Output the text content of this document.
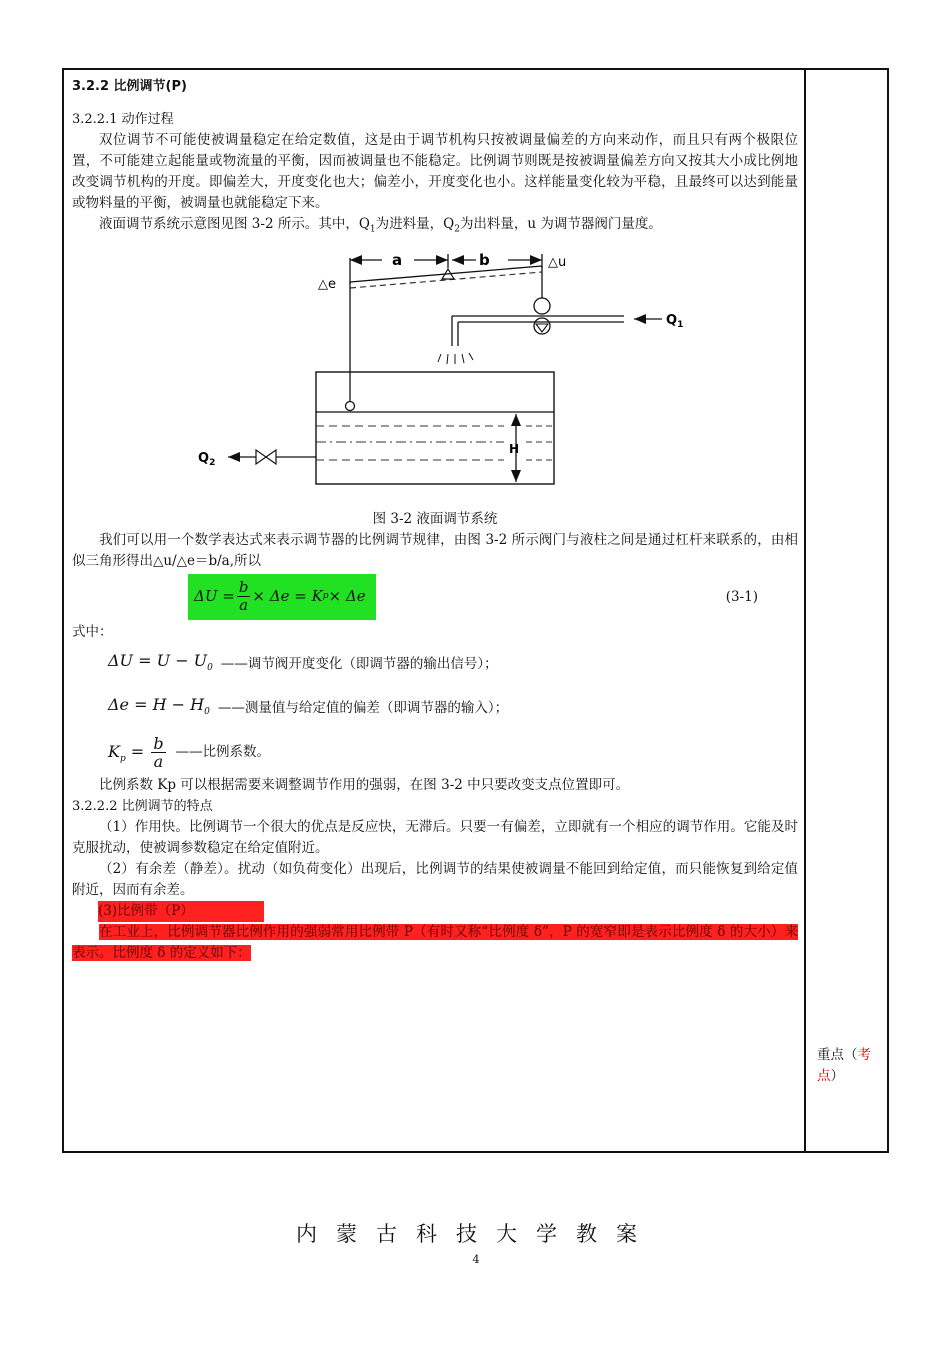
3.2.2 比例调节(P)

3.2.2.1 动作过程

双位调节不可能使被调量稳定在给定数值，这是由于调节机构只按被调量偏差的方向来动作，而且只有两个极限位置，不可能建立起能量或物流量的平衡，因而被调量也不能稳定。比例调节则既是按被调量偏差方向又按其大小成比例地改变调节机构的开度。即偏差大，开度变化也大；偏差小，开度变化也小。这样能量变化较为平稳，且最终可以达到能量或物料量的平衡，被调量也就能稳定下来。

液面调节系统示意图见图 3-2 所示。其中，$Q_1$为进料量，$Q_2$为出料量，u 为调节器阀门量度。

a	b
△e
△u
$Q_1$
H
$Q_2$

图 3-2 液面调节系统

我们可以用一个数学表达式来表示调节器的比例调节规律，由图 3-2 所示阀门与液柱之间是通过杠杆来联系的，由相似三角形得出△u/△e＝b/a,所以

$\Delta U = \frac{b}{a} \times \Delta e = K$ p × Δe	(3-1)

式中：

$\Delta U = U - U_0$ ——调节阀开度变化（即调节器的输出信号）；
$\Delta e = H - H_0$ ——测量值与给定值的偏差（即调节器的输入）；
$K_p = \frac{b}{a}$ ——比例系数。

比例系数 Kp 可以根据需要来调整调节作用的强弱，在图 3-2 中只要改变支点位置即可。

3.2.2.2 比例调节的特点

（1）作用快。比例调节一个很大的优点是反应快，无滞后。只要一有偏差，立即就有一个相应的调节作用。它能及时克服扰动，使被调参数稳定在给定值附近。

（2）有余差（静差）。扰动（如负荷变化）出现后，比例调节的结果使被调量不能回到给定值，而只能恢复到给定值附近，因而有余差。

(3)比例带（P）

在工业上，比例调节器比例作用的强弱常用比例带 P（有时又称“比例度 δ”，P 的宽窄即是表示比例度 δ 的大小）来表示。比例度 δ 的定义如下：

重点（考点）
内蒙古科技大学教案
4
